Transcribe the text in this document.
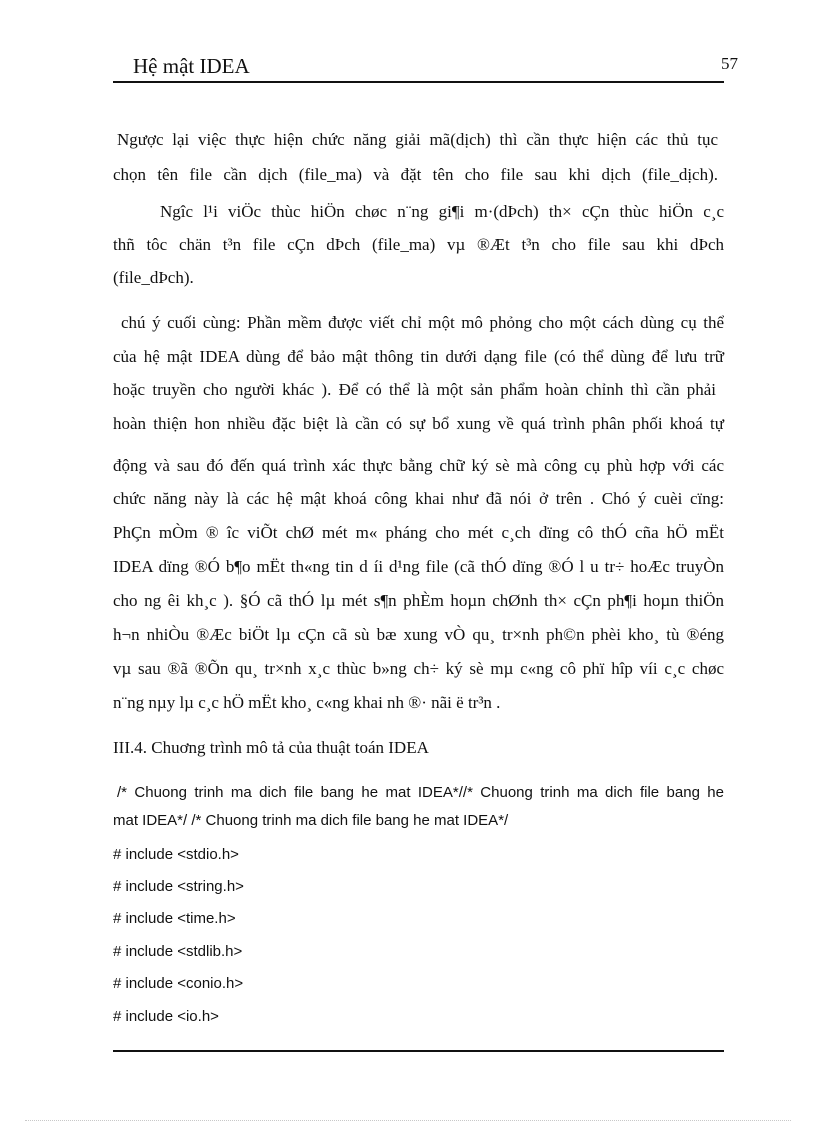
Hệ mật IDEA	57
Ngược lại việc thực hiện chức năng giải mã(dịch) thì cần thực hiện các thủ tục
chọn tên file cần dịch (file_ma) và đặt tên cho file sau khi dịch (file_dịch).
Ngîc l¹i viÖc thùc hiÖn chøc n¨ng gi¶i m·(dÞch) th× cÇn thùc hiÖn c¸c
thñ tôc chän t³n file cÇn dÞch (file_ma) vµ ®Æt t³n cho file sau khi dÞch
(file_dÞch).
chú ý cuối cùng: Phần mềm được viết chỉ một mô phỏng cho một cách dùng cụ thể
của hệ mật IDEA dùng để bảo mật thông tin dưới dạng file (có thể dùng để lưu trữ
hoặc truyền cho người khác ). Để có thể là một sản phẩm hoàn chỉnh thì cần phải
hoàn thiện hon nhiều đặc biệt là cần có sự bổ xung về quá trình phân phối khoá tự
động và sau đó đến quá trình xác thực bằng chữ ký sè mà công cụ phù hợp với các
chức năng này là các hệ mật khoá công khai như đã nói ở trên . Chó ý cuèi cïng:
PhÇn mÒm ® îc viÕt chØ mét m« pháng cho mét c¸ch dïng cô thÓ cña hÖ mËt
IDEA dïng ®Ó b¶o mËt th«ng tin d íi d¹ng file (cã thÓ dïng ®Ó l u tr÷ hoÆc truyÒn
cho ng êi kh¸c ). §Ó cã thÓ lµ mét s¶n phÈm hoµn chØnh th× cÇn ph¶i hoµn thiÖn
h¬n nhiÒu ®Æc biÖt lµ cÇn cã sù bæ xung vÒ qu¸ tr×nh ph©n phèi kho¸ tù ®éng
vµ sau ®ã ®Õn qu¸ tr×nh x¸c thùc b»ng ch÷ ký sè mµ c«ng cô phï hîp víi c¸c chøc
n¨ng nµy lµ c¸c hÖ mËt kho¸ c«ng khai nh ®· nãi ë tr³n .
III.4. Chuơng trình mô tả của thuật toán IDEA
/* Chuong trinh ma dich file bang he mat IDEA*//* Chuong trinh ma dich file bang he
mat IDEA*/ /* Chuong trinh ma dich file bang he mat IDEA*/
# include <stdio.h>
# include <string.h>
# include <time.h>
# include <stdlib.h>
# include <conio.h>
# include <io.h>
